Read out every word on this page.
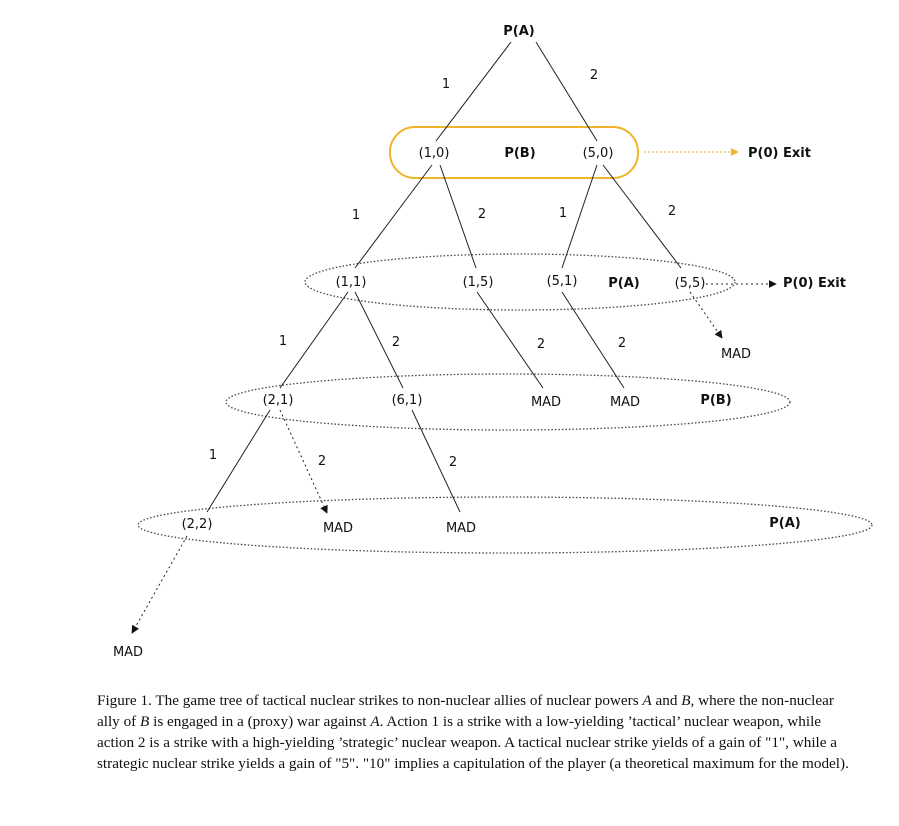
P(A)
1
2
(1,0)	P(B)	(5,0)	P(0) Exit
1	2	1	2
(1,1)	(1,5)	(5,1) P(A)	(5,5)	P(0) Exit
MAD
1	2	2	2
(2,1)	(6,1)	MAD	MAD	P(B)
1	2	2
(2,2)	MAD	MAD	P(A)
MAD

Figure 1. The game tree of tactical nuclear strikes to non-nuclear allies of nuclear powers A and B, where the non-nuclear ally of B is engaged in a (proxy) war against A. Action 1 is a strike with a low-yielding ’tactical’ nuclear weapon, while action 2 is a strike with a high-yielding ’strategic’ nuclear weapon. A tactical nuclear strike yields of a gain of "1", while a strategic nuclear strike yields a gain of "5". "10" implies a capitulation of the player (a theoretical maximum for the model).
